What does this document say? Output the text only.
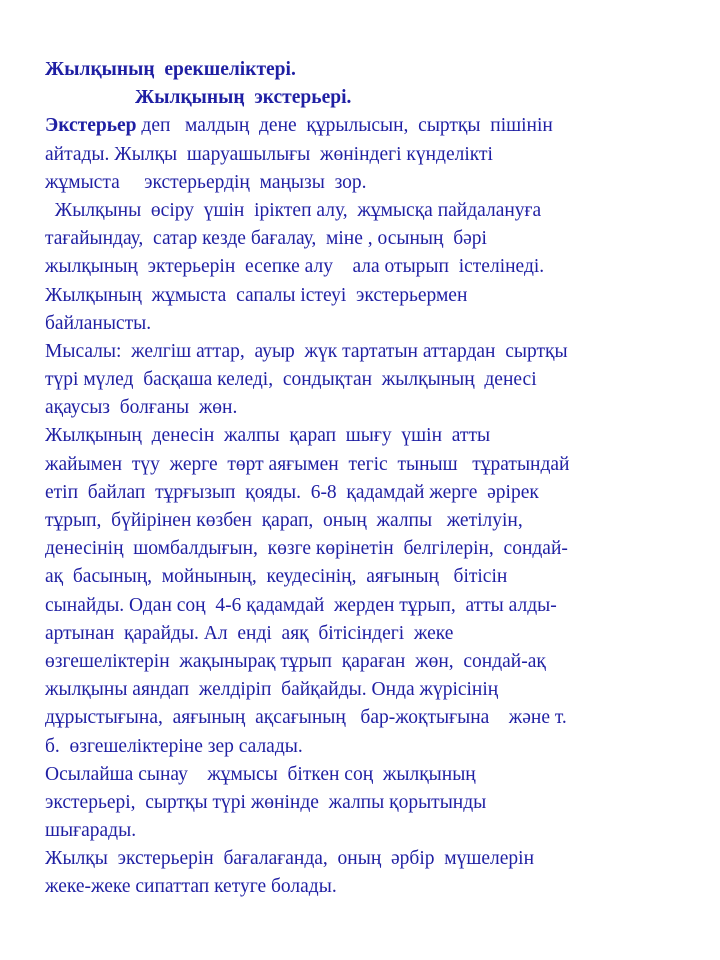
Жылқының  ерекшеліктері.
Жылқының  экстерьері.
Экстерьер деп   малдың  дене  құрылысын,  сыртқы  пішінін
айтады. Жылқы  шаруашылығы  жөніндегі күнделікті
жұмыста     экстерьердің  маңызы  зор.
Жылқыны  өсіру  үшін  іріктеп алу,  жұмысқа пайдалануға
тағайындау,  сатар кезде бағалау,  міне , осының  бәрі
жылқының  эктерьерін  есепке алу    ала отырып  істелінеді.
Жылқының  жұмыста  сапалы істеуі  экстерьермен
байланысты.
Мысалы:  желгіш аттар,  ауыр  жүк тартатын аттардан  сыртқы
түрі мүлед  басқаша келеді,  сондықтан  жылқының  денесі
ақаусыз  болғаны  жөн.
Жылқының  денесін  жалпы  қарап  шығу  үшін  атты
жайымен  түу  жерге  төрт аяғымен  тегіс  тыныш   тұратындай
етіп  байлап  тұрғызып  қояды.  6-8  қадамдай жерге  әрірек
тұрып,  бүйірінен көзбен  қарап,  оның  жалпы   жетілуін,
денесінің  шомбалдығын,  көзге көрінетін  белгілерін,  сондай-
ақ  басының,  мойнының,  кеудесінің,  аяғының   бітісін
сынайды. Одан соң  4-6 қадамдай  жерден тұрып,  атты алды-
артынан  қарайды. Ал  енді  аяқ  бітісіндегі  жеке
өзгешеліктерін  жақынырақ тұрып  қараған  жөн,  сондай-ақ
жылқыны аяндап  желдіріп  байқайды. Онда жүрісінің
дұрыстығына,  аяғының  ақсағының   бар-жоқтығына    және т.
б.  өзгешеліктеріне зер салады.
Осылайша сынау    жұмысы  біткен соң  жылқының
экстерьері,  сыртқы түрі жөнінде  жалпы қорытынды
шығарады.
Жылқы  экстерьерін  бағалағанда,  оның  әрбір  мүшелерін
жеке-жеке сипаттап кетуге болады.
